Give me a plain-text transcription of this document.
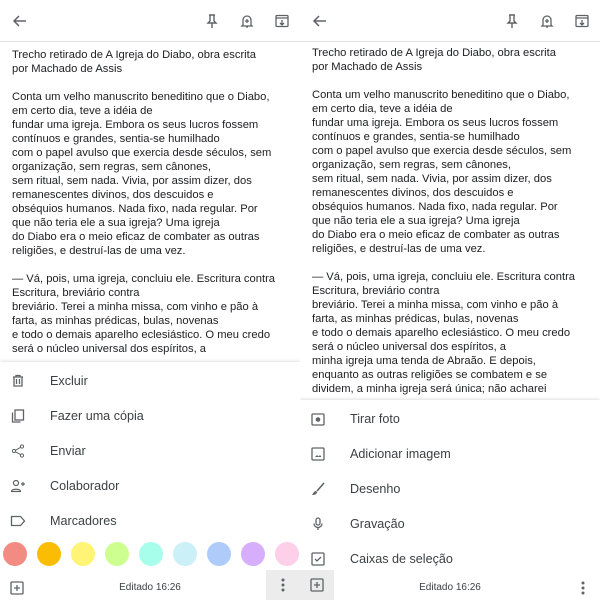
Trecho retirado de A Igreja do Diabo, obra escrita
por Machado de Assis

Conta um velho manuscrito beneditino que o Diabo,
em certo dia, teve a idéia de
fundar uma igreja. Embora os seus lucros fossem
contínuos e grandes, sentia-se humilhado
com o papel avulso que exercia desde séculos, sem
organização, sem regras, sem cânones,
sem ritual, sem nada. Vivia, por assim dizer, dos
remanescentes divinos, dos descuidos e
obséquios humanos. Nada fixo, nada regular. Por
que não teria ele a sua igreja? Uma igreja
do Diabo era o meio eficaz de combater as outras
religiões, e destruí-las de uma vez.

— Vá, pois, uma igreja, concluiu ele. Escritura contra
Escritura, breviário contra
breviário. Terei a minha missa, com vinho e pão à
farta, as minhas prédicas, bulas, novenas
e todo o demais aparelho eclesiástico. O meu credo
será o núcleo universal dos espíritos, a
Excluir
Fazer uma cópia
Enviar
Colaborador
Marcadores
Editado 16:26
Trecho retirado de A Igreja do Diabo, obra escrita
por Machado de Assis

Conta um velho manuscrito beneditino que o Diabo,
em certo dia, teve a idéia de
fundar uma igreja. Embora os seus lucros fossem
contínuos e grandes, sentia-se humilhado
com o papel avulso que exercia desde séculos, sem
organização, sem regras, sem cânones,
sem ritual, sem nada. Vivia, por assim dizer, dos
remanescentes divinos, dos descuidos e
obséquios humanos. Nada fixo, nada regular. Por
que não teria ele a sua igreja? Uma igreja
do Diabo era o meio eficaz de combater as outras
religiões, e destruí-las de uma vez.

— Vá, pois, uma igreja, concluiu ele. Escritura contra
Escritura, breviário contra
breviário. Terei a minha missa, com vinho e pão à
farta, as minhas prédicas, bulas, novenas
e todo o demais aparelho eclesiástico. O meu credo
será o núcleo universal dos espíritos, a
minha igreja uma tenda de Abraão. E depois,
enquanto as outras religiões se combatem e se
dividem, a minha igreja será única; não acharei
Tirar foto
Adicionar imagem
Desenho
Gravação
Caixas de seleção
Editado 16:26
